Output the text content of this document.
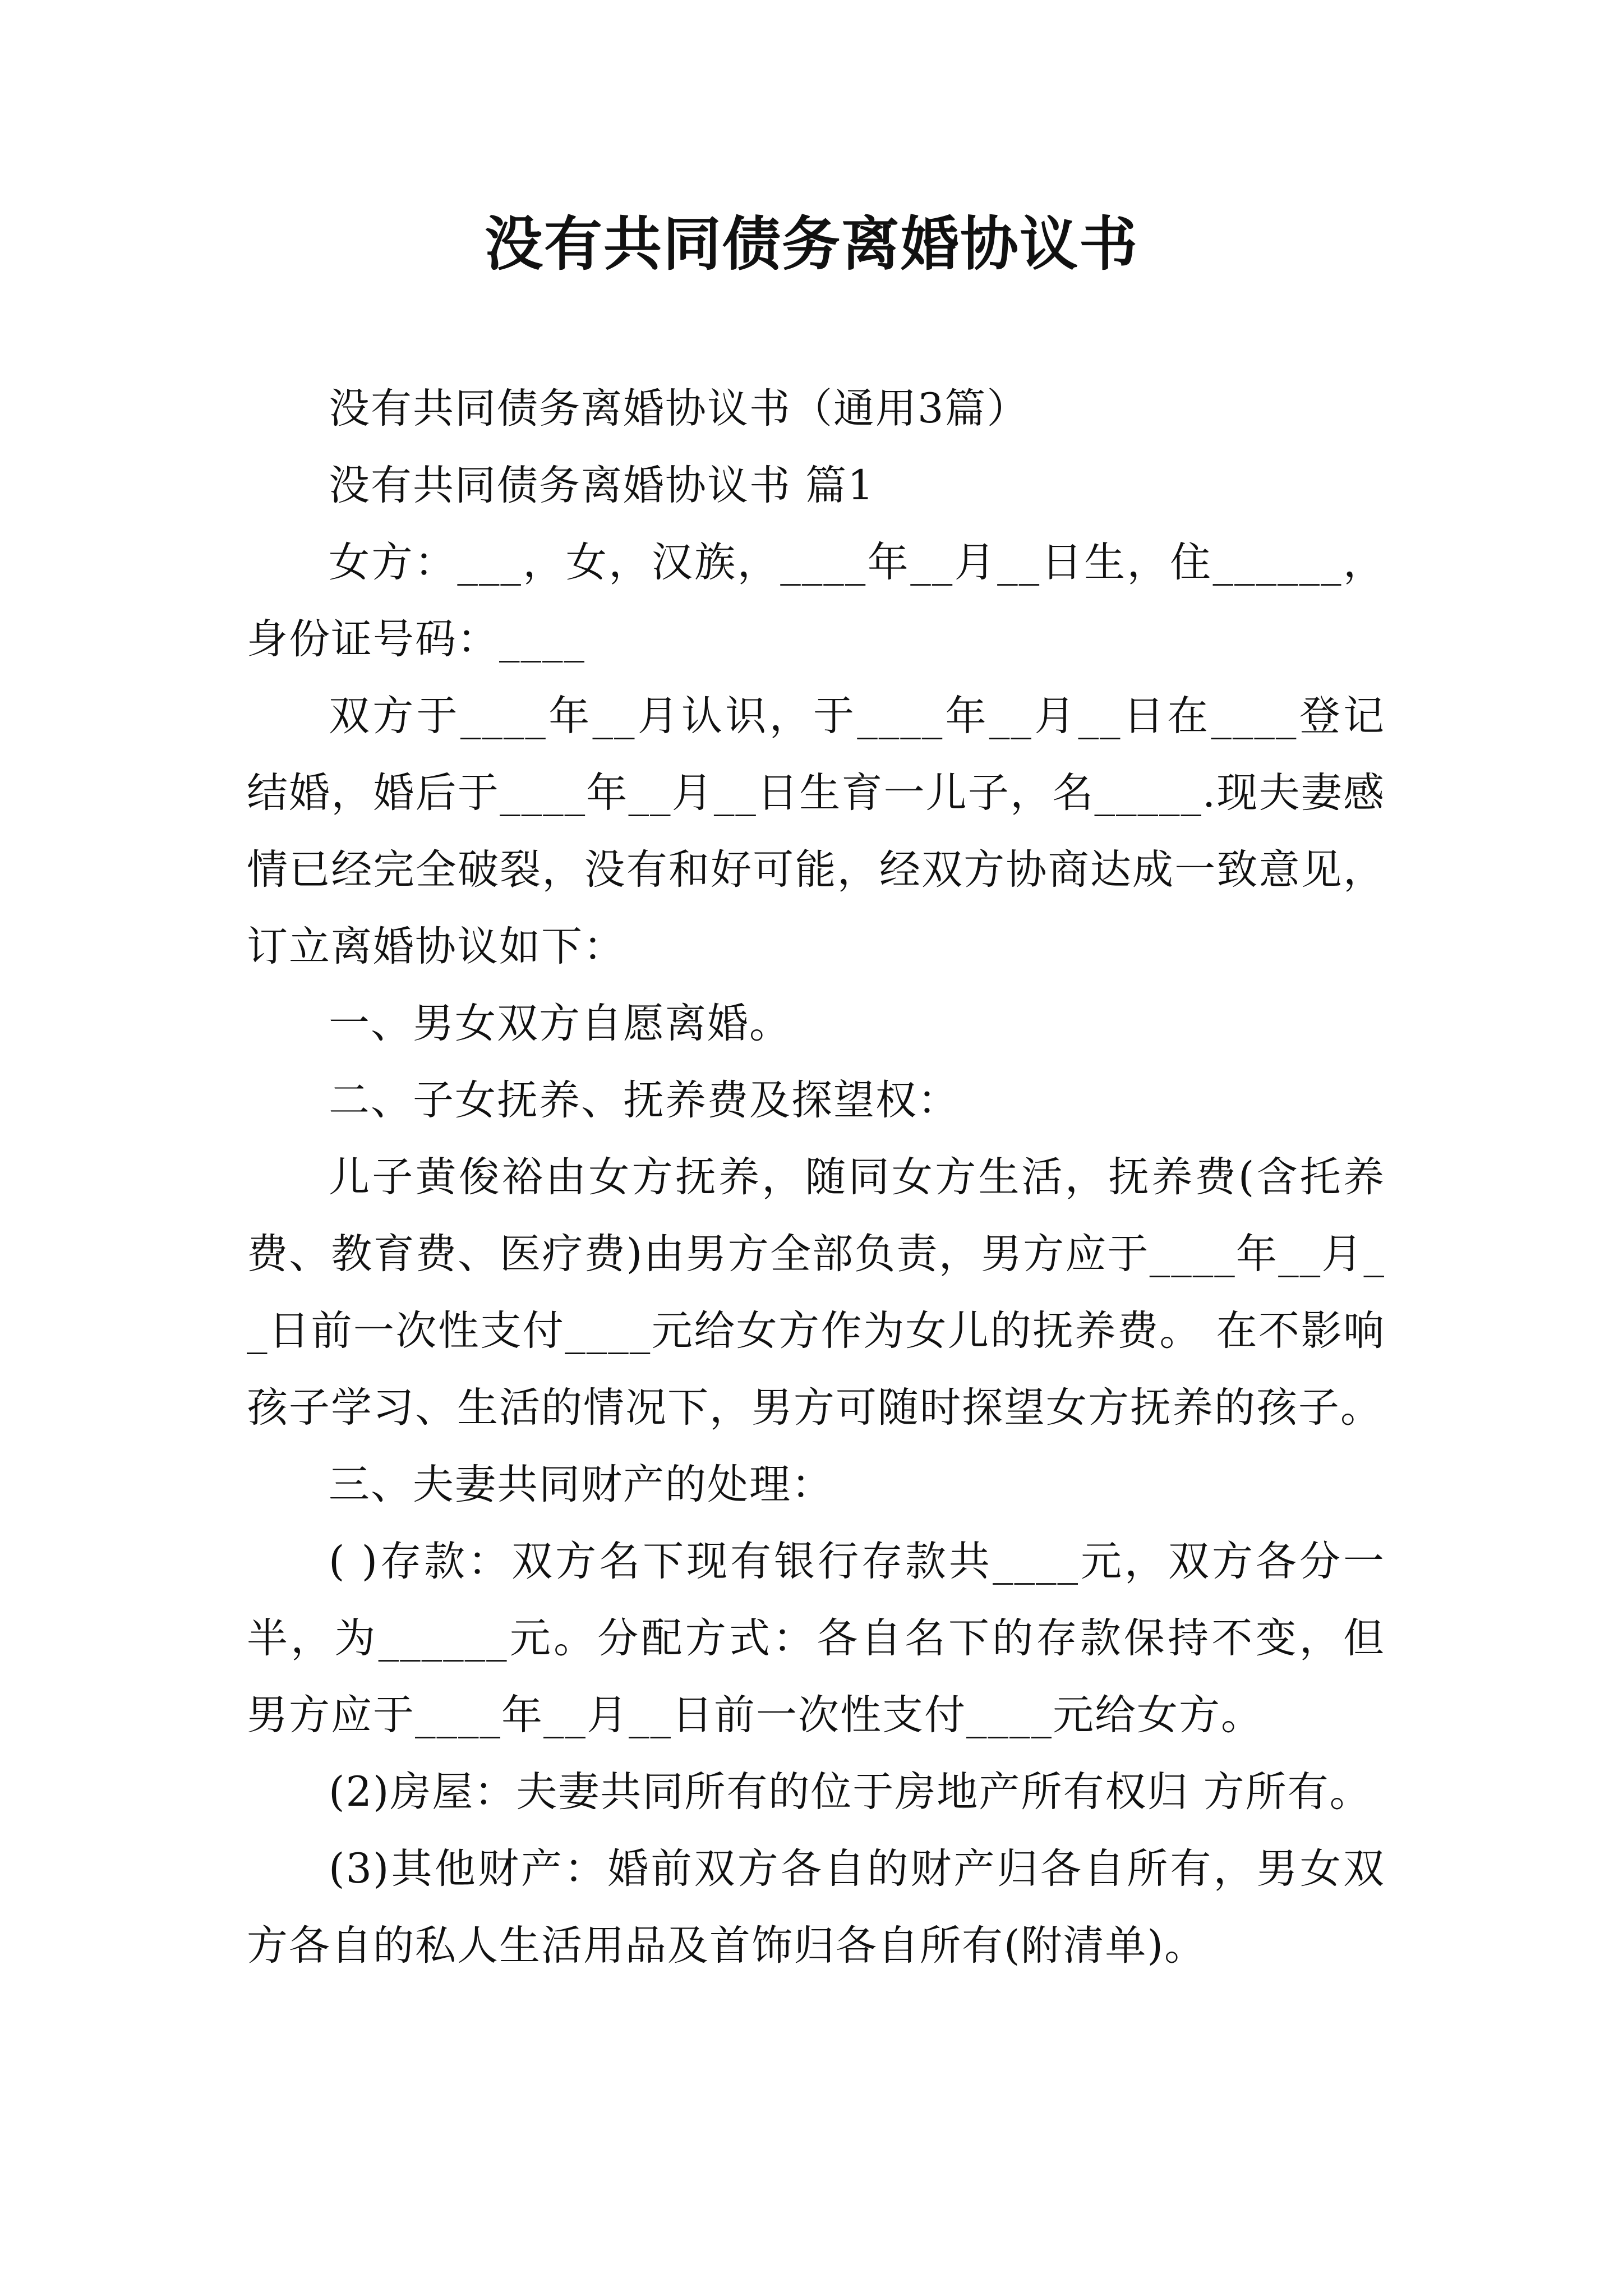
没有共同债务离婚协议书

没有共同债务离婚协议书（通用3篇）

没有共同债务离婚协议书 篇1

女方：___，女，汉族，____年__月__日生，住______，身份证号码：____

双方于____年__月认识，于____年__月__日在____登记结婚，婚后于____年__月__日生育一儿子，名_____.现夫妻感情已经完全破裂，没有和好可能，经双方协商达成一致意见，订立离婚协议如下：

一、男女双方自愿离婚。

二、子女抚养、抚养费及探望权：

儿子黄俊裕由女方抚养，随同女方生活，抚养费(含托养费、教育费、医疗费)由男方全部负责，男方应于____年__月__日前一次性支付____元给女方作为女儿的抚养费。 在不影响孩子学习、生活的情况下，男方可随时探望女方抚养的孩子。

三、夫妻共同财产的处理：

( )存款：双方名下现有银行存款共____元，双方各分一半，为______元。分配方式：各自名下的存款保持不变，但男方应于____年__月__日前一次性支付____元给女方。

(2)房屋：夫妻共同所有的位于房地产所有权归 方所有。

(3)其他财产：婚前双方各自的财产归各自所有，男女双方各自的私人生活用品及首饰归各自所有(附清单)。
